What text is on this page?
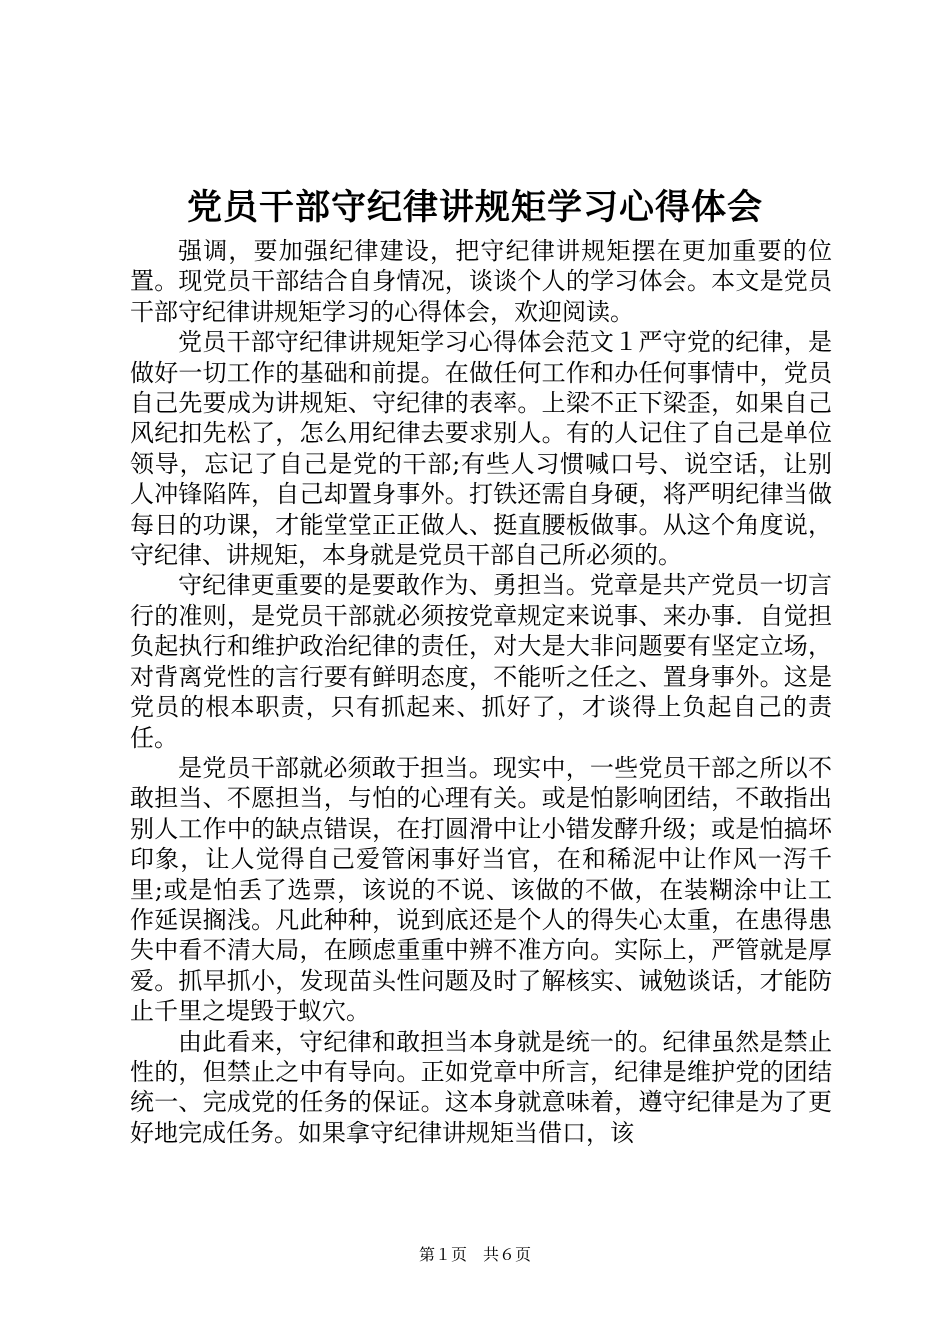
党员干部守纪律讲规矩学习心得体会

强调，要加强纪律建设，把守纪律讲规矩摆在更加重要的位置。现党员干部结合自身情况，谈谈个人的学习体会。本文是党员干部守纪律讲规矩学习的心得体会，欢迎阅读。

党员干部守纪律讲规矩学习心得体会范文１严守党的纪律，是做好一切工作的基础和前提。在做任何工作和办任何事情中，党员自己先要成为讲规矩、守纪律的表率。上梁不正下梁歪，如果自己风纪扣先松了，怎么用纪律去要求别人。有的人记住了自己是单位领导，忘记了自己是党的干部;有些人习惯喊口号、说空话，让别人冲锋陷阵，自己却置身事外。打铁还需自身硬，将严明纪律当做每日的功课，才能堂堂正正做人、挺直腰板做事。从这个角度说，守纪律、讲规矩，本身就是党员干部自己所必须的。

守纪律更重要的是要敢作为、勇担当。党章是共产党员一切言行的准则，是党员干部就必须按党章规定来说事、来办事．自觉担负起执行和维护政治纪律的责任，对大是大非问题要有坚定立场，对背离党性的言行要有鲜明态度，不能听之任之、置身事外。这是党员的根本职责，只有抓起来、抓好了，才谈得上负起自己的责任。

是党员干部就必须敢于担当。现实中，一些党员干部之所以不敢担当、不愿担当，与怕的心理有关。或是怕影响团结，不敢指出别人工作中的缺点错误，在打圆滑中让小错发酵升级；或是怕搞坏印象，让人觉得自己爱管闲事好当官，在和稀泥中让作风一泻千里;或是怕丢了选票，该说的不说、该做的不做，在装糊涂中让工作延误搁浅。凡此种种，说到底还是个人的得失心太重，在患得患失中看不清大局，在顾虑重重中辨不准方向。实际上，严管就是厚爱。抓早抓小，发现苗头性问题及时了解核实、诫勉谈话，才能防止千里之堤毁于蚁穴。

由此看来，守纪律和敢担当本身就是统一的。纪律虽然是禁止性的，但禁止之中有导向。正如党章中所言，纪律是维护党的团结统一、完成党的任务的保证。这本身就意味着，遵守纪律是为了更好地完成任务。如果拿守纪律讲规矩当借口，该

第１页　共６页
